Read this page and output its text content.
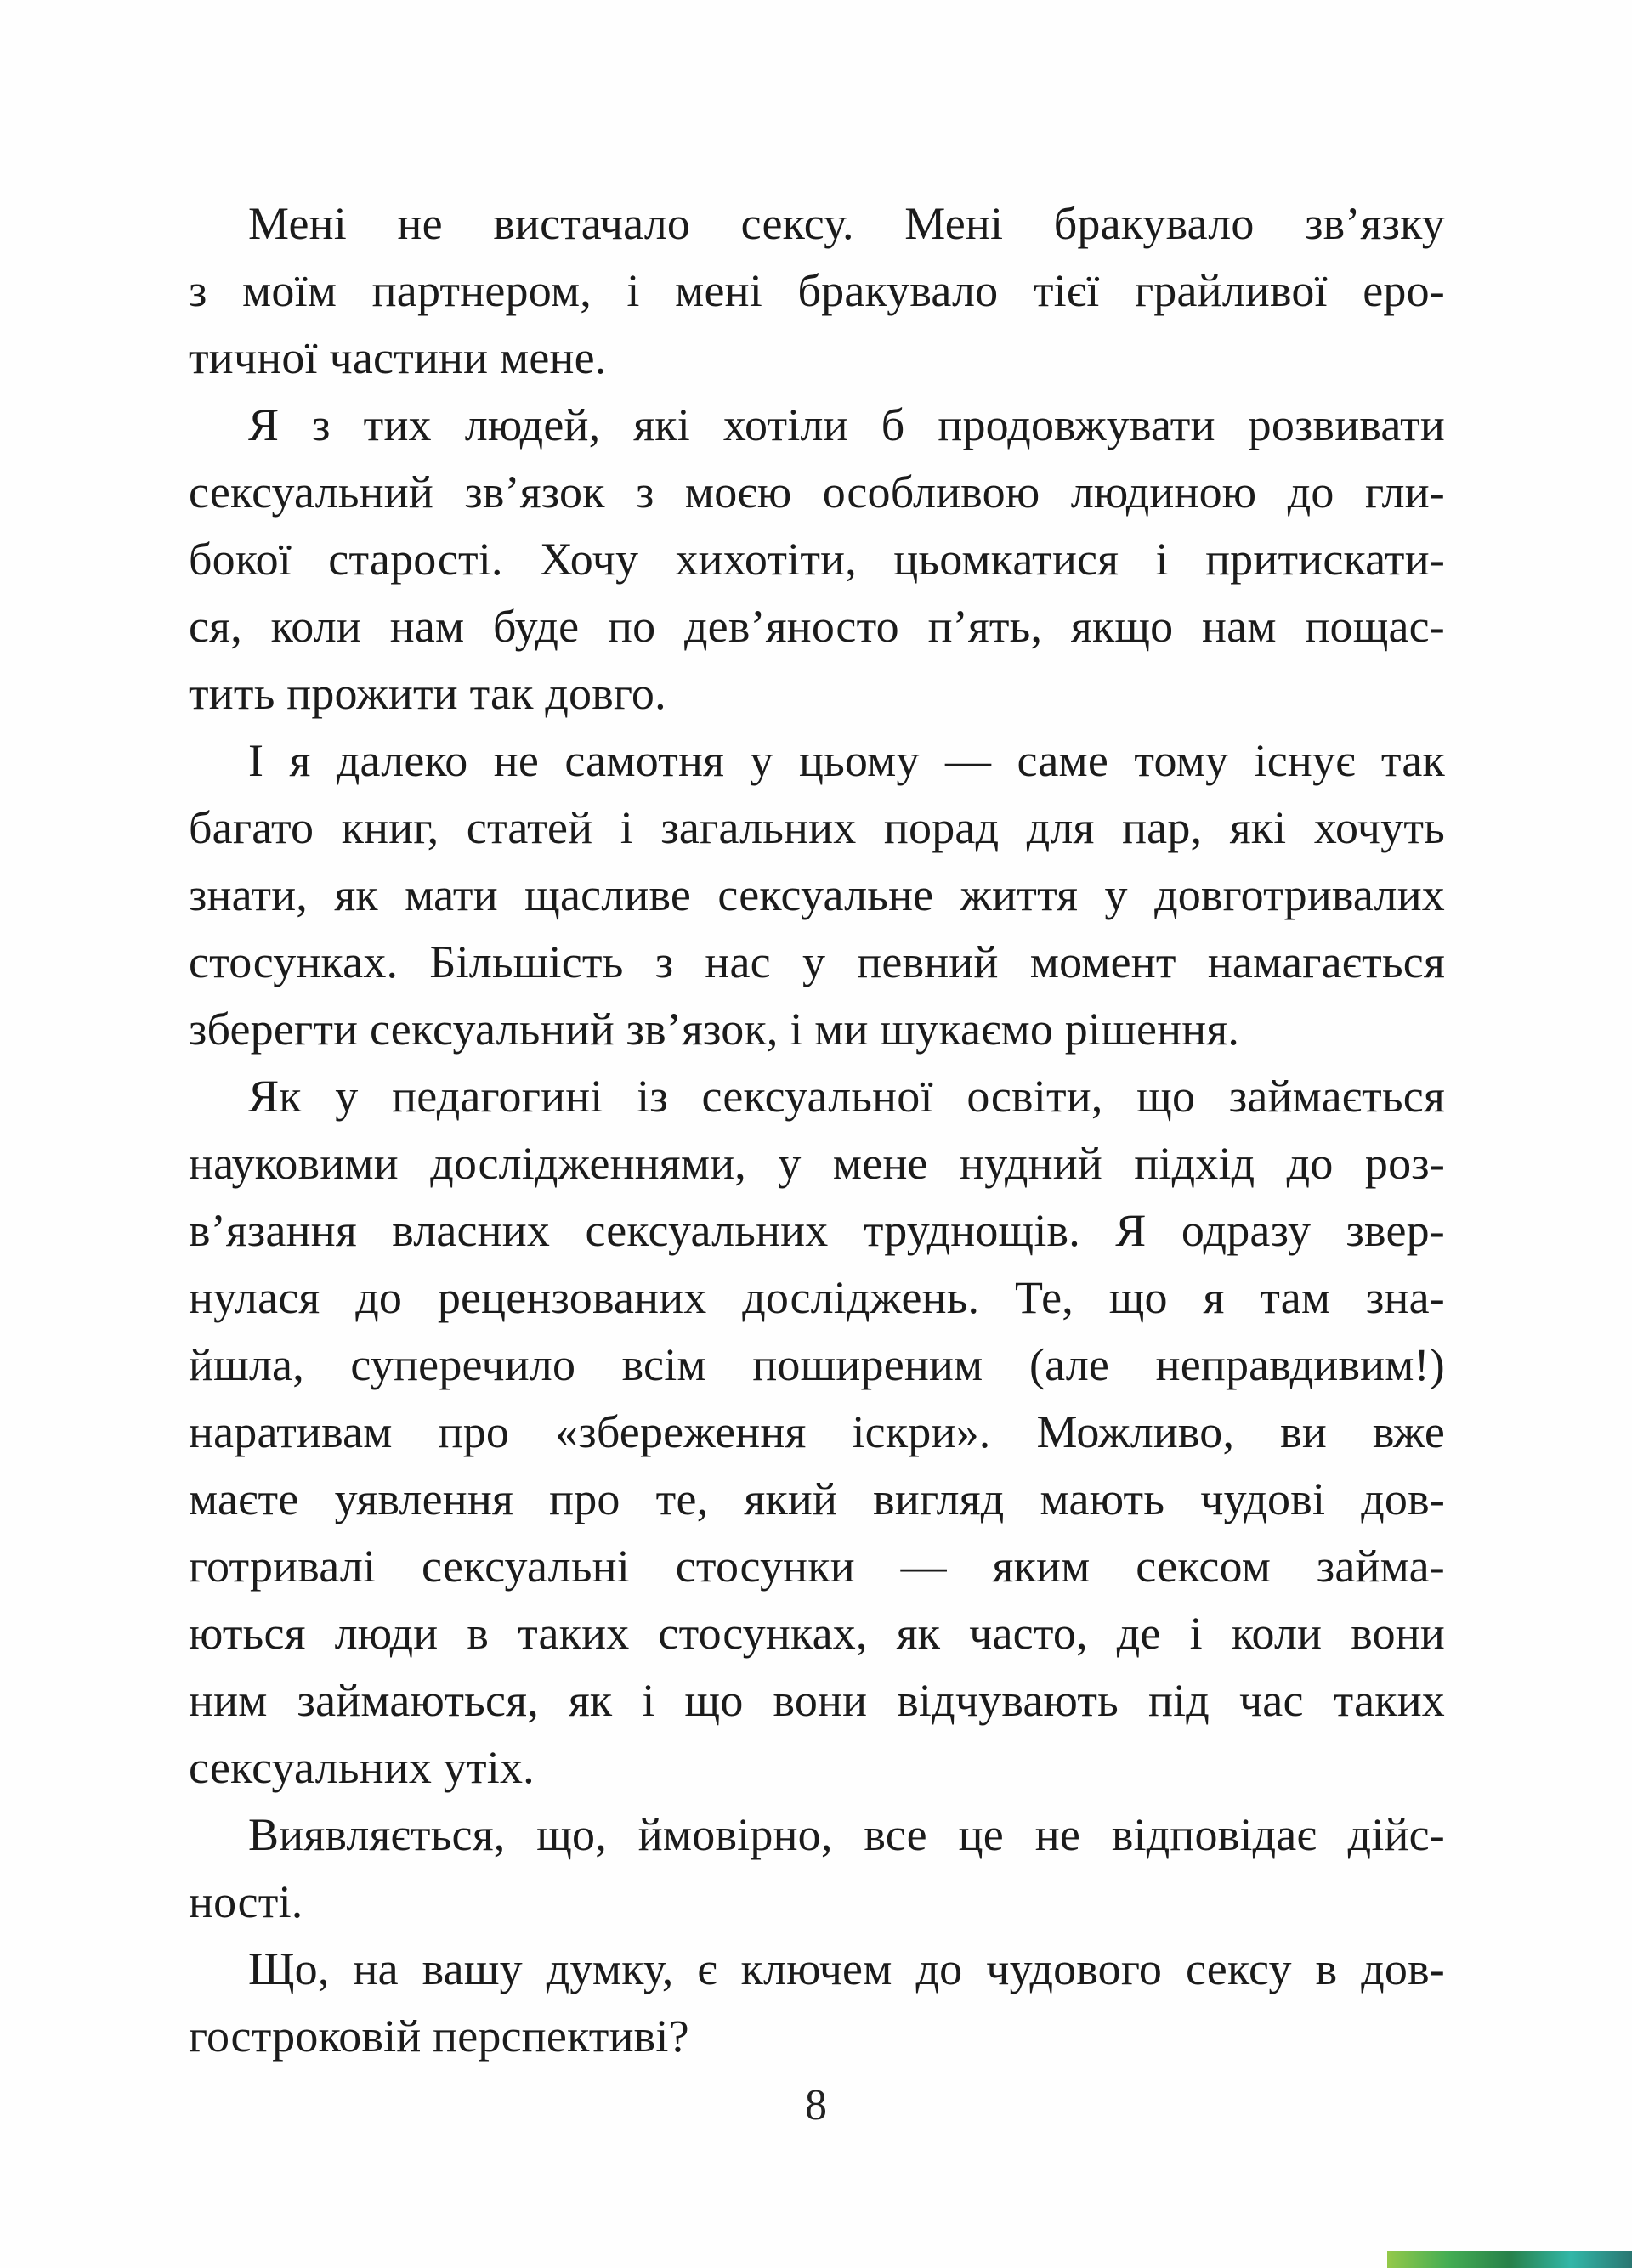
Мені не вистачало сексу. Мені бракувало зв’язку
з моїм партнером, і мені бракувало тієї грайливої еро-
тичної частини мене.
Я з тих людей, які хотіли б продовжувати розвивати
сексуальний зв’язок з моєю особливою людиною до гли-
бокої старості. Хочу хихотіти, цьомкатися і притискати-
ся, коли нам буде по дев’яносто п’ять, якщо нам пощас-
тить прожити так довго.
І я далеко не самотня у цьому — саме тому існує так
багато книг, статей і загальних порад для пар, які хочуть
знати, як мати щасливе сексуальне життя у довготривалих
стосунках. Більшість з нас у певний момент намагається
зберегти сексуальний зв’язок, і ми шукаємо рішення.
Як у педагогині із сексуальної освіти, що займається
науковими дослідженнями, у мене нудний підхід до роз-
в’язання власних сексуальних труднощів. Я одразу звер-
нулася до рецензованих досліджень. Те, що я там зна-
йшла, суперечило всім поширеним (але неправдивим!)
наративам про «збереження іскри». Можливо, ви вже
маєте уявлення про те, який вигляд мають чудові дов-
готривалі сексуальні стосунки — яким сексом займа-
ються люди в таких стосунках, як часто, де і коли вони
ним займаються, як і що вони відчувають під час таких
сексуальних утіх.
Виявляється, що, ймовірно, все це не відповідає дійс-
ності.
Що, на вашу думку, є ключем до чудового сексу в дов-
гостроковій перспективі?
8
